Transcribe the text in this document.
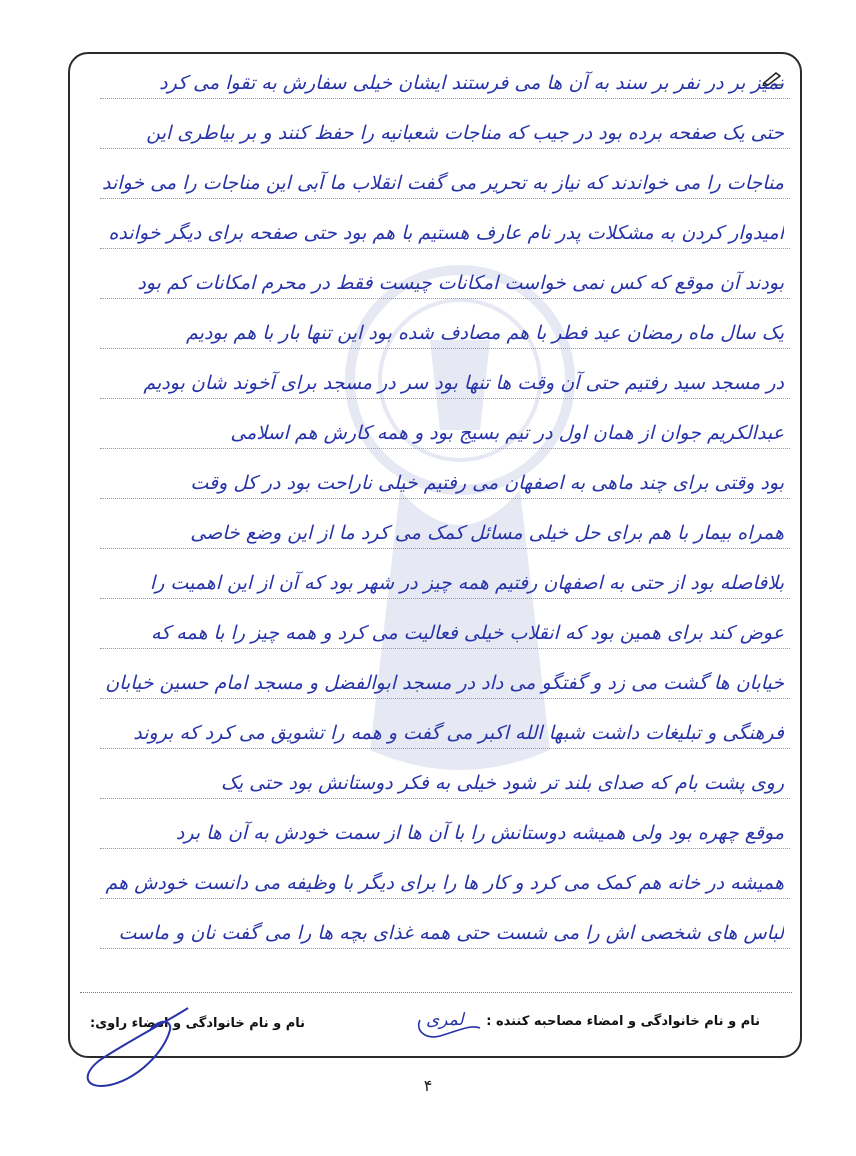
تمیز بر در نفر بر سند به آن ها می فرستند ایشان خیلی سفارش به تقوا می کرد
حتی یک صفحه برده بود در جیب که مناجات شعبانیه را حفظ کنند و بر بیاطری این
مناجات را می خواندند که نیاز به تحریر می گفت انقلاب ما آبی این مناجات را می خواند
امیدوار کردن به مشکلات پدر نام عارف هستیم با هم بود حتی صفحه برای دیگر خوانده
بودند آن موقع که کس نمی خواست امکانات چیست فقط در محرم امکانات کم بود
یک سال ماه رمضان عید فطر با هم مصادف شده بود این تنها بار با هم بودیم
در مسجد سید رفتیم حتی آن وقت ها تنها بود سر در مسجد برای آخوند شان بودیم
عبدالکریم جوان از همان اول در تیم بسیج بود و همه کارش هم اسلامی
بود وقتی برای چند ماهی به اصفهان می رفتیم خیلی ناراحت بود در کل وقت
همراه بیمار با هم برای حل خیلی مسائل کمک می کرد ما از این وضع خاصی
بلافاصله بود از حتی به اصفهان رفتیم همه چیز در شهر بود که آن از این اهمیت را
عوض کند برای همین بود که انقلاب خیلی فعالیت می کرد و همه چیز را با همه که
خیابان ها گشت می زد و گفتگو می داد در مسجد ابوالفضل و مسجد امام حسین خیابان
فرهنگی و تبلیغات داشت شبها الله اکبر می گفت و همه را تشویق می کرد که بروند
روی پشت بام که صدای بلند تر شود خیلی به فکر دوستانش بود حتی یک
موقع چهره بود ولی همیشه دوستانش را با آن ها از سمت خودش به آن ها برد
همیشه در خانه هم کمک می کرد و کار ها را برای دیگر با وظیفه می دانست خودش هم
لباس های شخصی اش را می شست حتی همه غذای بچه ها را می گفت نان و ماست
نام و نام خانوادگی و امضاء مصاحبه کننده :
لمری
نام و نام خانوادگی و امضاء راوی:
۴
